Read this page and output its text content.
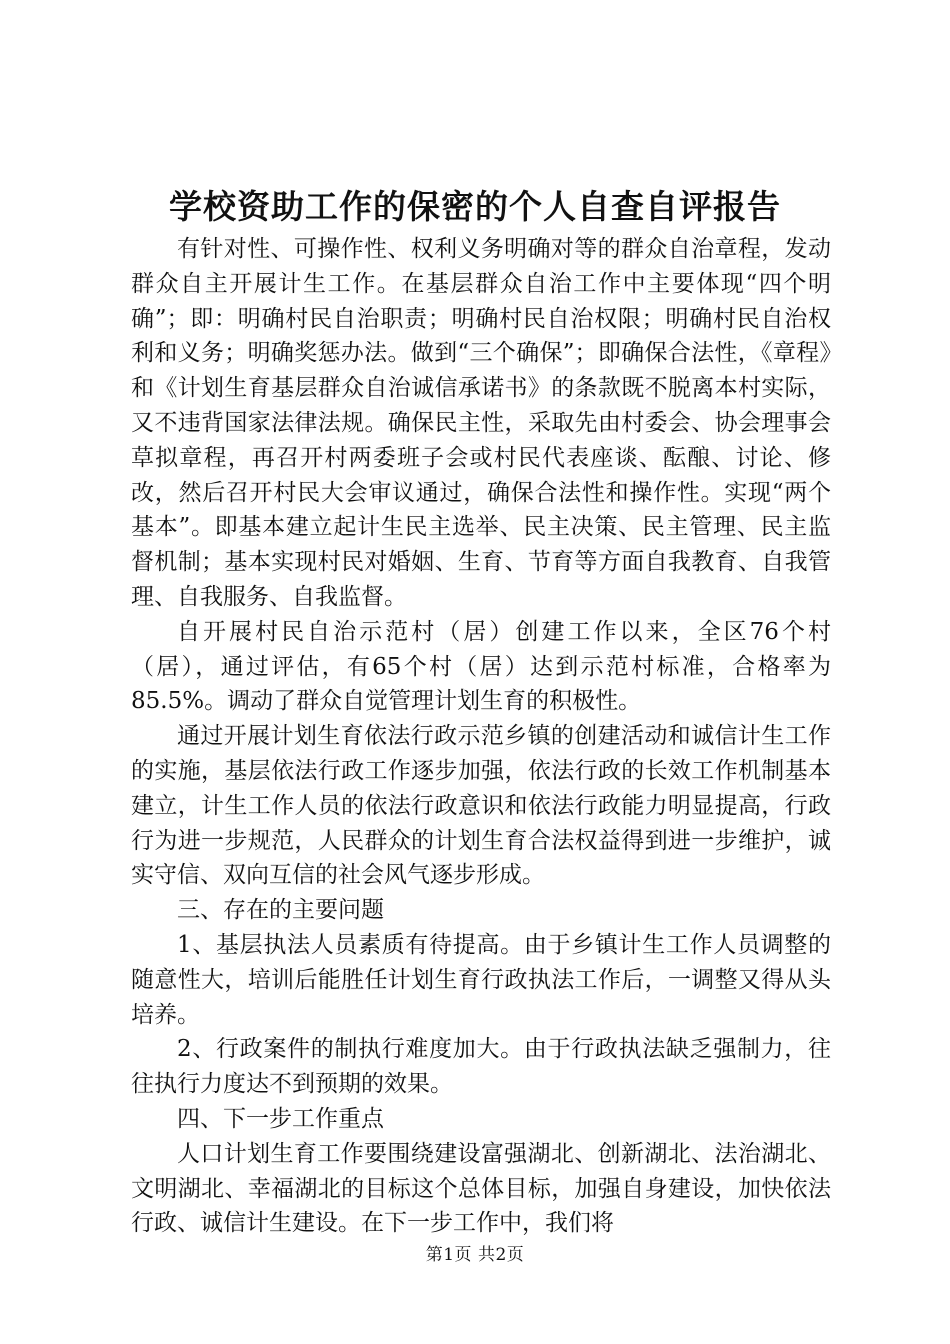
学校资助工作的保密的个人自查自评报告

有针对性、可操作性、权利义务明确对等的群众自治章程，发动群众自主开展计生工作。在基层群众自治工作中主要体现“四个明确”；即：明确村民自治职责；明确村民自治权限；明确村民自治权利和义务；明确奖惩办法。做到“三个确保”；即确保合法性，《章程》和《计划生育基层群众自治诚信承诺书》的条款既不脱离本村实际，又不违背国家法律法规。确保民主性，采取先由村委会、协会理事会草拟章程，再召开村两委班子会或村民代表座谈、酝酿、讨论、修改，然后召开村民大会审议通过，确保合法性和操作性。实现“两个基本”。即基本建立起计生民主选举、民主决策、民主管理、民主监督机制；基本实现村民对婚姻、生育、节育等方面自我教育、自我管理、自我服务、自我监督。

自开展村民自治示范村（居）创建工作以来，全区76个村（居），通过评估，有65个村（居）达到示范村标准，合格率为85.5%。调动了群众自觉管理计划生育的积极性。

通过开展计划生育依法行政示范乡镇的创建活动和诚信计生工作的实施，基层依法行政工作逐步加强，依法行政的长效工作机制基本建立，计生工作人员的依法行政意识和依法行政能力明显提高，行政行为进一步规范，人民群众的计划生育合法权益得到进一步维护，诚实守信、双向互信的社会风气逐步形成。

三、存在的主要问题

1、基层执法人员素质有待提高。由于乡镇计生工作人员调整的随意性大，培训后能胜任计划生育行政执法工作后，一调整又得从头培养。

2、行政案件的制执行难度加大。由于行政执法缺乏强制力，往往执行力度达不到预期的效果。

四、下一步工作重点

人口计划生育工作要围绕建设富强湖北、创新湖北、法治湖北、文明湖北、幸福湖北的目标这个总体目标，加强自身建设，加快依法行政、诚信计生建设。在下一步工作中，我们将

第1页 共2页
